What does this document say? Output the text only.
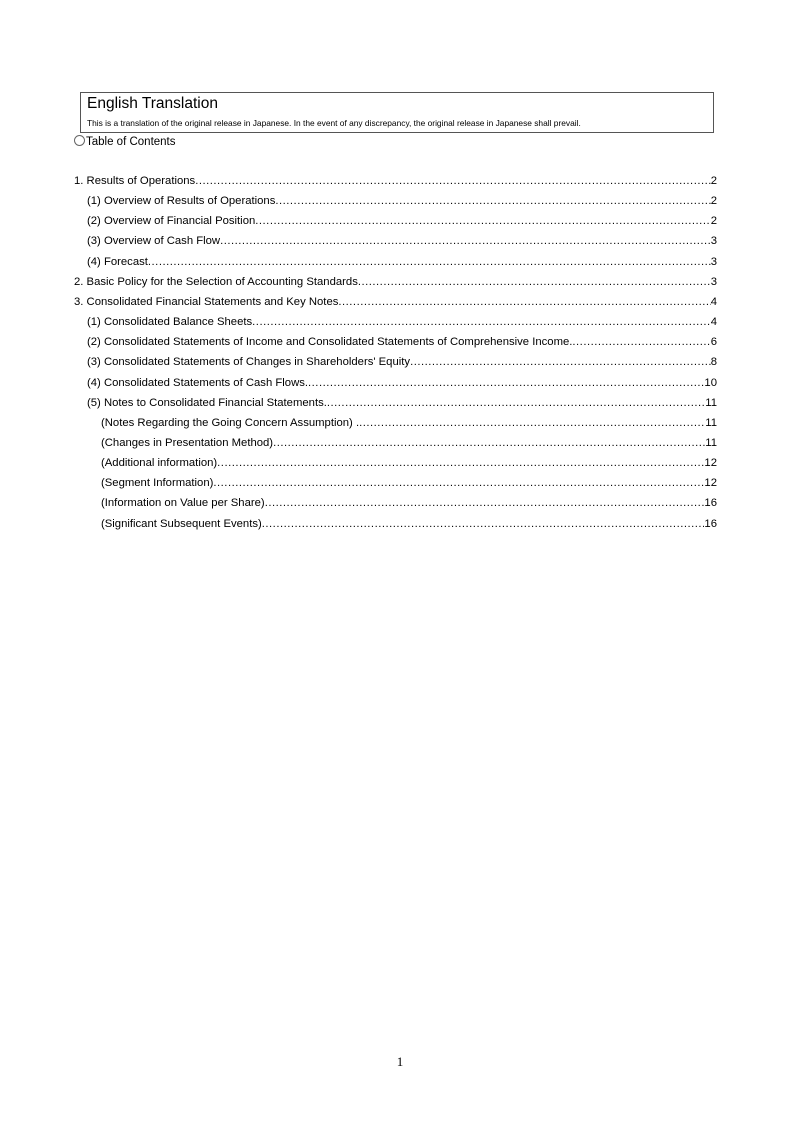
English Translation
This is a translation of the original release in Japanese. In the event of any discrepancy, the original release in Japanese shall prevail.
Table of Contents
1. Results of Operations .....	2
(1) Overview of Results of Operations .....	2
(2) Overview of Financial Position .....	2
(3) Overview of Cash Flow .....	3
(4) Forecast .....	3
2. Basic Policy for the Selection of Accounting Standards .....	3
3. Consolidated Financial Statements and Key Notes .....	4
(1) Consolidated Balance Sheets .....	4
(2) Consolidated Statements of Income and Consolidated Statements of Comprehensive Income. .....	6
(3) Consolidated Statements of Changes in Shareholders' Equity .....	8
(4) Consolidated Statements of Cash Flows. .....	10
(5) Notes to Consolidated Financial Statements. .....	11
(Notes Regarding the Going Concern Assumption) . .....	11
(Changes in Presentation Method) .....	11
(Additional information) .....	12
(Segment Information) .....	12
(Information on Value per Share) .....	16
(Significant Subsequent Events) .....	16
1
